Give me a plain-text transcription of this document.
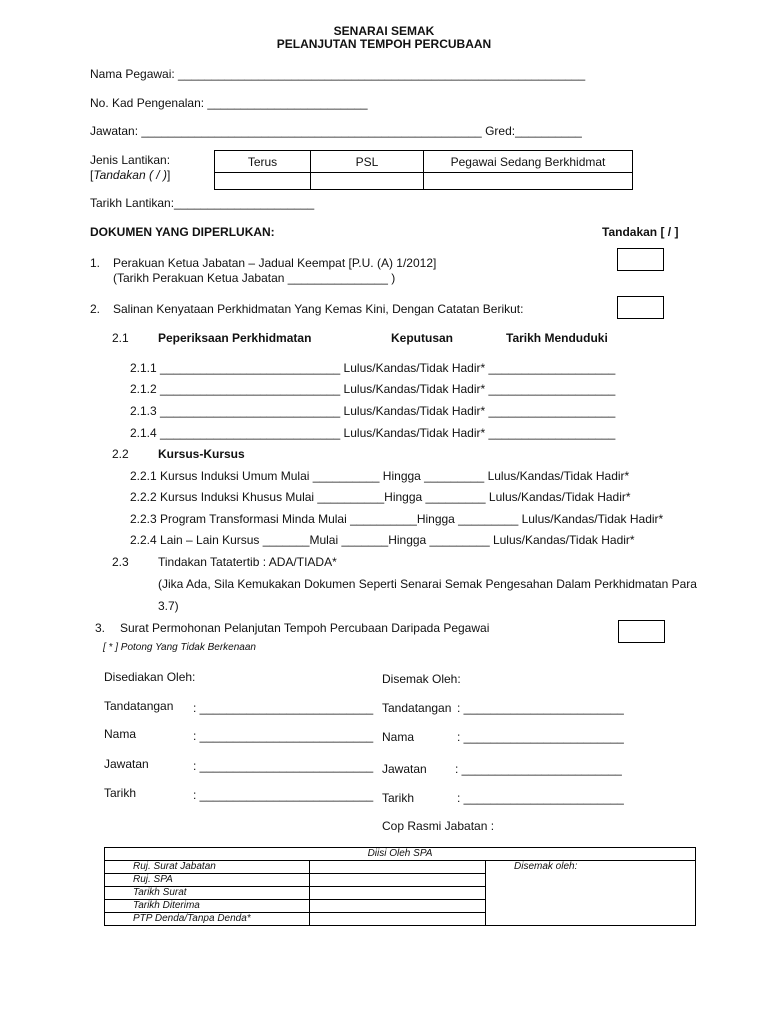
SENARAI SEMAK
PELANJUTAN TEMPOH PERCUBAAN
Nama Pegawai: _____________________________________________________________
No. Kad Pengenalan: ________________________
Jawatan: ___________________________________________________ Gred:__________
Jenis Lantikan:
[Tandakan ( / )]
Terus	PSL	Pegawai Sedang Berkhidmat

Tarikh Lantikan:_____________________
DOKUMEN YANG DIPERLUKAN:	Tandakan [ / ]
1. Perakuan Ketua Jabatan – Jadual Keempat [P.U. (A) 1/2012]
(Tarikh Perakuan Ketua Jabatan _______________ )
2. Salinan Kenyataan Perkhidmatan Yang Kemas Kini, Dengan Catatan Berikut:
2.1 Peperiksaan Perkhidmatan	Keputusan	Tarikh Menduduki
2.1.1 ___________________________ Lulus/Kandas/Tidak Hadir* ___________________
2.1.2 ___________________________ Lulus/Kandas/Tidak Hadir* ___________________
2.1.3 ___________________________ Lulus/Kandas/Tidak Hadir* ___________________
2.1.4 ___________________________ Lulus/Kandas/Tidak Hadir* ___________________
2.2 Kursus-Kursus
2.2.1 Kursus Induksi Umum Mulai __________ Hingga _________ Lulus/Kandas/Tidak Hadir*
2.2.2 Kursus Induksi Khusus Mulai __________Hingga _________ Lulus/Kandas/Tidak Hadir*
2.2.3 Program Transformasi Minda Mulai __________Hingga _________ Lulus/Kandas/Tidak Hadir*
2.2.4 Lain – Lain Kursus _______Mulai _______Hingga _________ Lulus/Kandas/Tidak Hadir*
2.3 Tindakan Tatatertib : ADA/TIADA*
(Jika Ada, Sila Kemukakan Dokumen Seperti Senarai Semak Pengesahan Dalam Perkhidmatan Para
3.7)
3. Surat Permohonan Pelanjutan Tempoh Percubaan Daripada Pegawai
[ * ] Potong Yang Tidak Berkenaan
Disediakan Oleh:
Tandatangan : __________________________
Nama	: __________________________
Jawatan	: __________________________
Tarikh	: __________________________
Disemak Oleh:
Tandatangan : ________________________
Nama	: ________________________
Jawatan : ________________________
Tarikh	: ________________________
Cop Rasmi Jabatan :
Diisi Oleh SPA		
Ruj. Surat Jabatan		Disemak oleh:
Ruj. SPA		
Tarikh Surat		
Tarikh Diterima		
PTP Denda/Tanpa Denda*		
